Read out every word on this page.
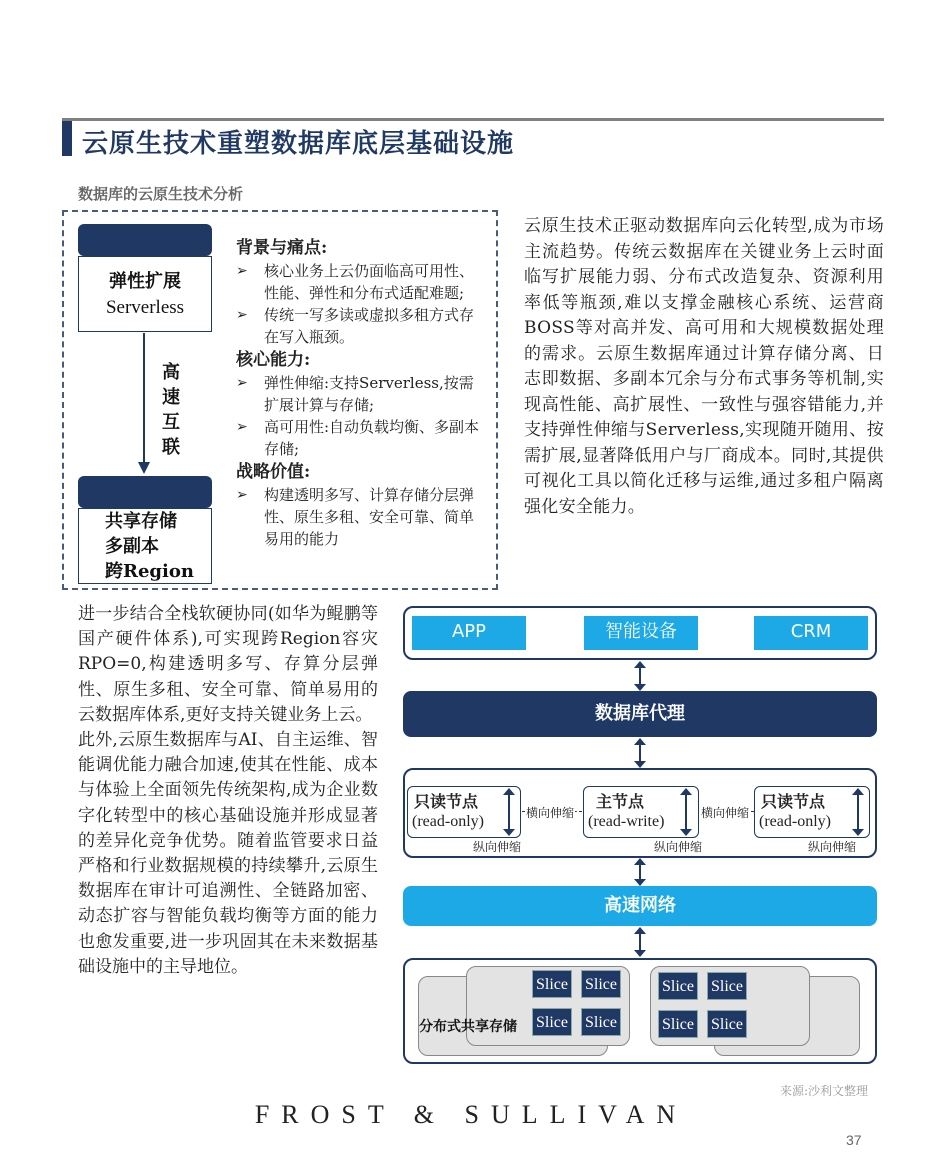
云原生技术重塑数据库底层基础设施
数据库的云原生技术分析
弹性扩展
Serverless
高
速
互
联
共享存储
多副本
跨Region
背景与痛点:
➢ 核心业务上云仍面临高可用性、性能、弹性和分布式适配难题;
➢ 传统一写多读或虚拟多租方式存在写入瓶颈。
核心能力:
➢ 弹性伸缩:支持Serverless,按需扩展计算与存储;
➢ 高可用性:自动负载均衡、多副本存储;
战略价值:
➢ 构建透明多写、计算存储分层弹性、原生多租、安全可靠、简单易用的能力
云原生技术正驱动数据库向云化转型,成为市场主流趋势。传统云数据库在关键业务上云时面临写扩展能力弱、分布式改造复杂、资源利用率低等瓶颈,难以支撑金融核心系统、运营商BOSS等对高并发、高可用和大规模数据处理的需求。云原生数据库通过计算存储分离、日志即数据、多副本冗余与分布式事务等机制,实现高性能、高扩展性、一致性与强容错能力,并支持弹性伸缩与Serverless,实现随开随用、按需扩展,显著降低用户与厂商成本。同时,其提供可视化工具以简化迁移与运维,通过多租户隔离强化安全能力。

进一步结合全栈软硬协同(如华为鲲鹏等国产硬件体系),可实现跨Region容灾RPO=0,构建透明多写、存算分层弹性、原生多租、安全可靠、简单易用的云数据库体系,更好支持关键业务上云。

此外,云原生数据库与AI、自主运维、智能调优能力融合加速,使其在性能、成本与体验上全面领先传统架构,成为企业数字化转型中的核心基础设施并形成显著的差异化竞争优势。随着监管要求日益严格和行业数据规模的持续攀升,云原生数据库在审计可追溯性、全链路加密、动态扩容与智能负载均衡等方面的能力也愈发重要,进一步巩固其在未来数据基础设施中的主导地位。

APP	智能设备	CRM
数据库代理
只读节点
(read-only)
主节点
(read-write)
只读节点
(read-only)
横向伸缩	横向伸缩
纵向伸缩	纵向伸缩	纵向伸缩
高速网络
分布式共享存储
Slice Slice
Slice Slice
Slice Slice
Slice Slice
来源:沙利文整理
FROST & SULLIVAN
37
